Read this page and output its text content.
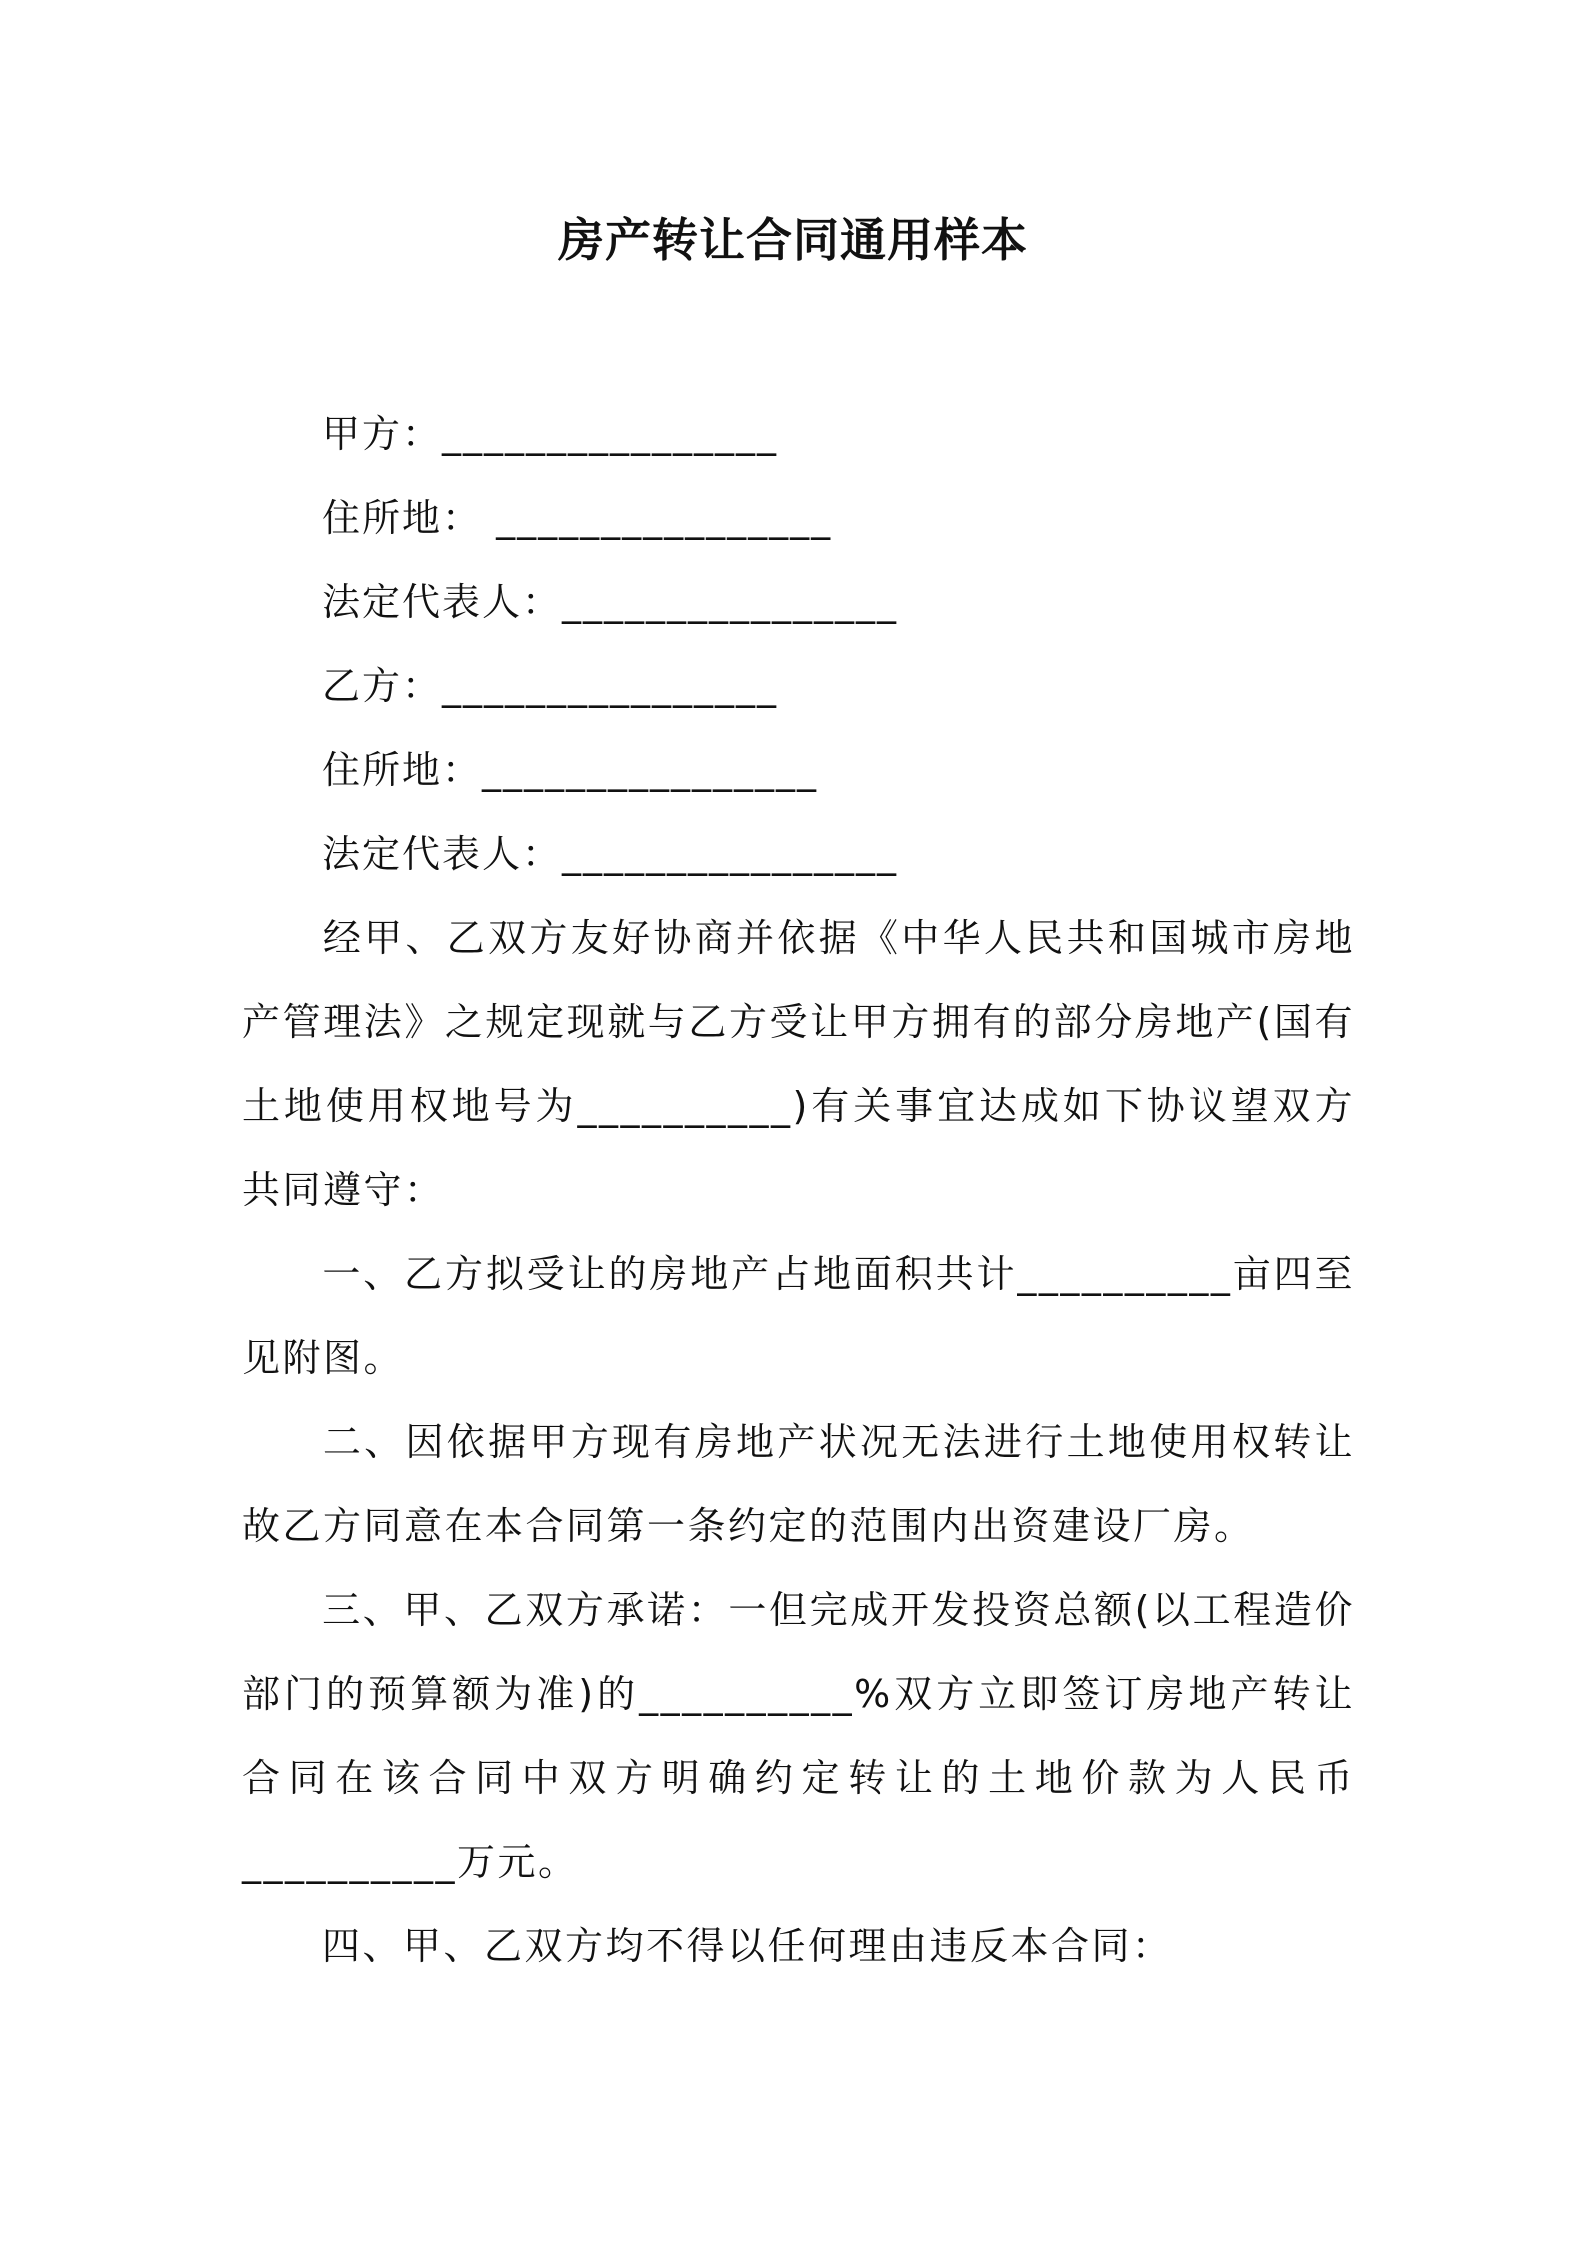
房产转让合同通用样本
甲方：________________
住所地： ________________
法定代表人：________________
乙方：________________
住所地：________________
法定代表人：________________
经甲、乙双方友好协商并依据《中华人民共和国城市房地产管理法》之规定现就与乙方受让甲方拥有的部分房地产(国有土地使用权地号为__________)有关事宜达成如下协议望双方共同遵守：
一、乙方拟受让的房地产占地面积共计__________亩四至见附图。
二、因依据甲方现有房地产状况无法进行土地使用权转让故乙方同意在本合同第一条约定的范围内出资建设厂房。
三、甲、乙双方承诺：一但完成开发投资总额(以工程造价部门的预算额为准)的__________%双方立即签订房地产转让合同在该合同中双方明确约定转让的土地价款为人民币__________万元。
四、甲、乙双方均不得以任何理由违反本合同：
